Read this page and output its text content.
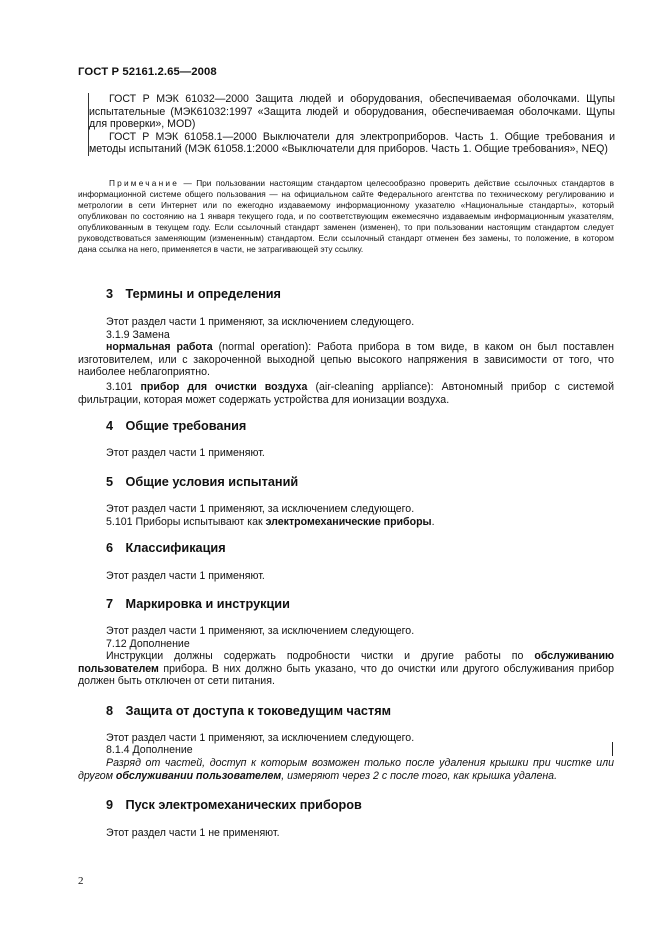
ГОСТ Р 52161.2.65—2008

ГОСТ Р МЭК 61032—2000 Защита людей и оборудования, обеспечиваемая оболочками. Щупы испытательные (МЭК61032:1997 «Защита людей и оборудования, обеспечиваемая оболочками. Щупы для проверки», MOD)

ГОСТ Р МЭК 61058.1—2000 Выключатели для электроприборов. Часть 1. Общие требования и методы испытаний (МЭК 61058.1:2000 «Выключатели для приборов. Часть 1. Общие требования», NEQ)

Примечание — При пользовании настоящим стандартом целесообразно проверить действие ссылочных стандартов в информационной системе общего пользования — на официальном сайте Федерального агентства по техническому регулированию и метрологии в сети Интернет или по ежегодно издаваемому информационному указателю «Национальные стандарты», который опубликован по состоянию на 1 января текущего года, и по соответствующим ежемесячно издаваемым информационным указателям, опубликованным в текущем году. Если ссылочный стандарт заменен (изменен), то при пользовании настоящим стандартом следует руководствоваться заменяющим (измененным) стандартом. Если ссылочный стандарт отменен без замены, то положение, в котором дана ссылка на него, применяется в части, не затрагивающей эту ссылку.

3 Термины и определения

Этот раздел части 1 применяют, за исключением следующего.

3.1.9 Замена

нормальная работа (normal operation): Работа прибора в том виде, в каком он был поставлен изготовителем, или с закороченной выходной цепью высокого напряжения в зависимости от того, что наиболее неблагоприятно.

3.101 прибор для очистки воздуха (air-cleaning appliance): Автономный прибор с системой фильтрации, которая может содержать устройства для ионизации воздуха.

4 Общие требования

Этот раздел части 1 применяют.

5 Общие условия испытаний

Этот раздел части 1 применяют, за исключением следующего.

5.101 Приборы испытывают как электромеханические приборы.

6 Классификация

Этот раздел части 1 применяют.

7 Маркировка и инструкции

Этот раздел части 1 применяют, за исключением следующего.

7.12 Дополнение

Инструкции должны содержать подробности чистки и другие работы по обслуживанию пользователем прибора. В них должно быть указано, что до очистки или другого обслуживания прибор должен быть отключен от сети питания.

8 Защита от доступа к токоведущим частям

Этот раздел части 1 применяют, за исключением следующего.

8.1.4 Дополнение

Разряд от частей, доступ к которым возможен только после удаления крышки при чистке или другом обслуживании пользователем, измеряют через 2 с после того, как крышка удалена.

9 Пуск электромеханических приборов

Этот раздел части 1 не применяют.

2
